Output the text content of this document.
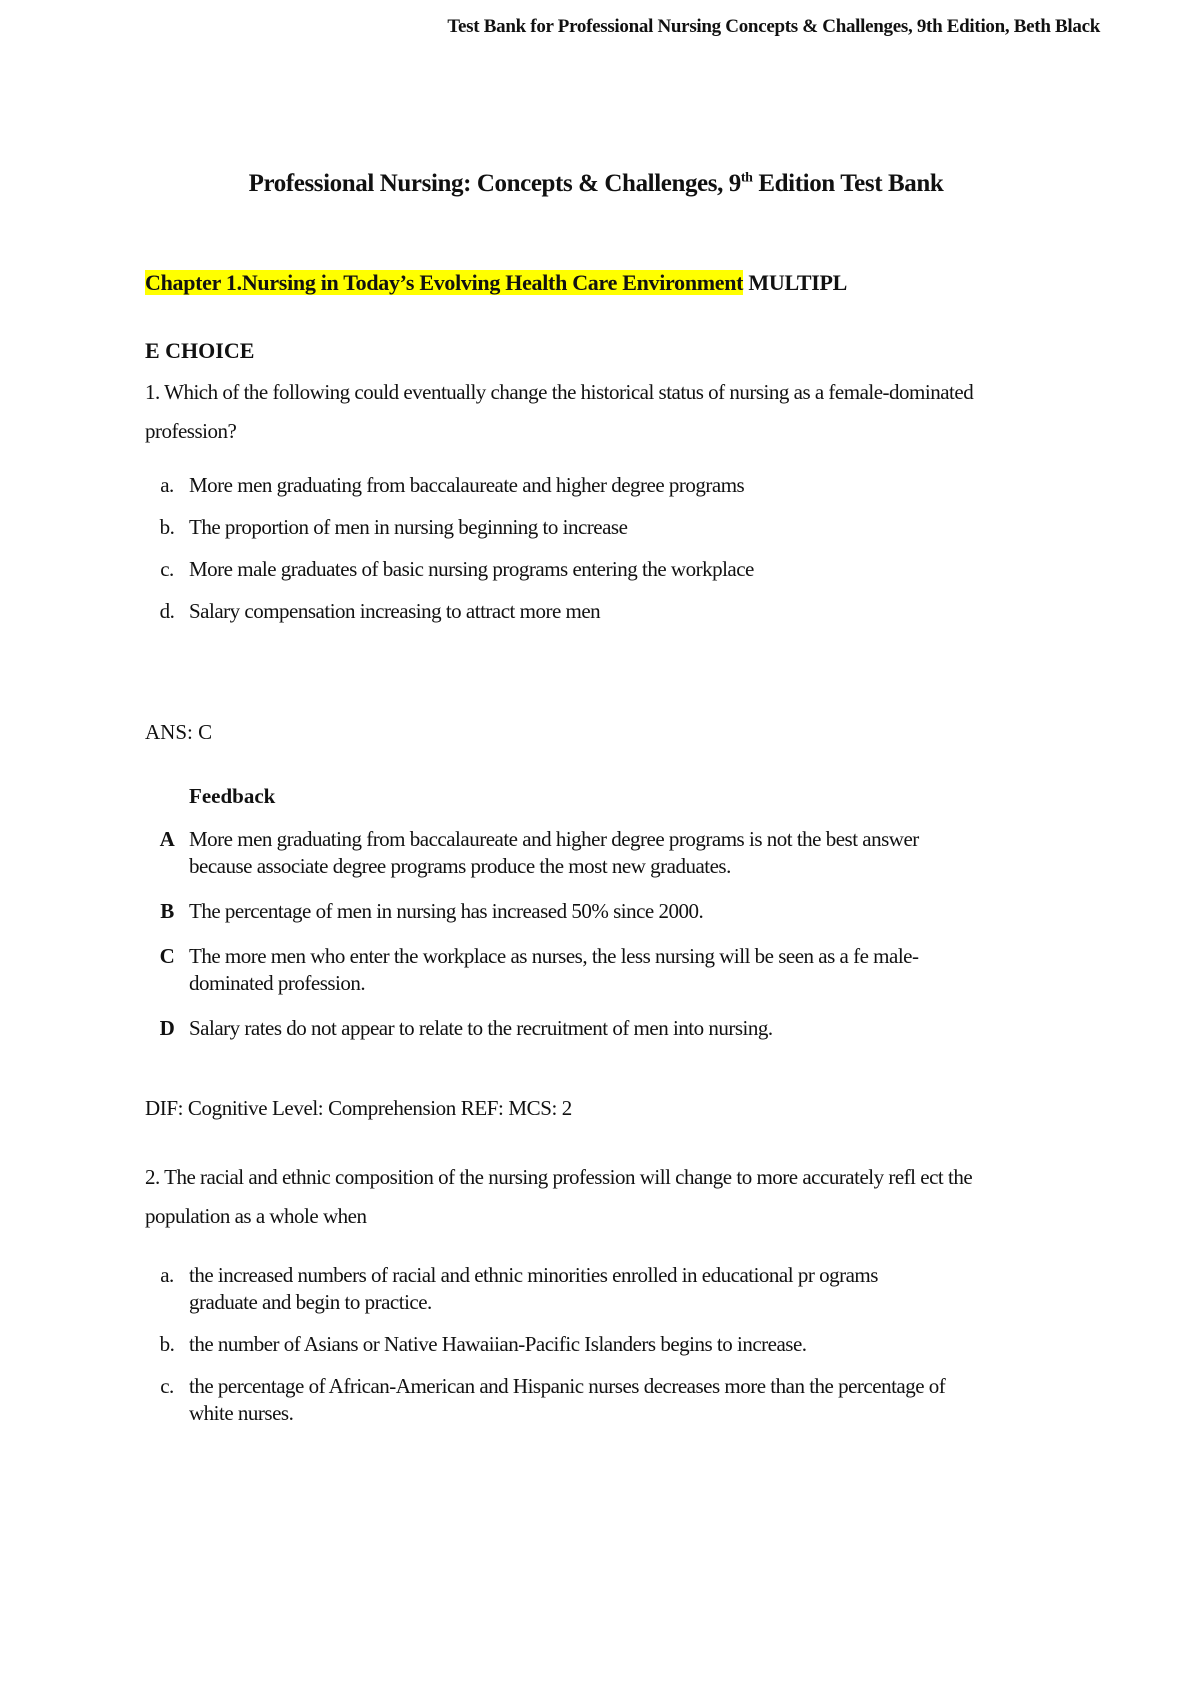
Test Bank for Professional Nursing Concepts & Challenges, 9th Edition, Beth Black
Professional Nursing: Concepts & Challenges, 9th Edition Test Bank
Chapter 1.Nursing in Today’s Evolving Health Care Environment MULTIPL
E CHOICE
1. Which of the following could eventually change the historical status of nursing as a female-dominated profession?
a. More men graduating from baccalaureate and higher degree programs
b. The proportion of men in nursing beginning to increase
c. More male graduates of basic nursing programs entering the workplace
d. Salary compensation increasing to attract more men
ANS: C
Feedback
A More men graduating from baccalaureate and higher degree programs is not the best answer because associate degree programs produce the most new graduates.
B The percentage of men in nursing has increased 50% since 2000.
C The more men who enter the workplace as nurses, the less nursing will be seen as a fe male-dominated profession.
D Salary rates do not appear to relate to the recruitment of men into nursing.
DIF: Cognitive Level: Comprehension REF: MCS: 2
2. The racial and ethnic composition of the nursing profession will change to more accurately refl ect the population as a whole when
a. the increased numbers of racial and ethnic minorities enrolled in educational pr ograms graduate and begin to practice.
b. the number of Asians or Native Hawaiian-Pacific Islanders begins to increase.
c. the percentage of African-American and Hispanic nurses decreases more than the percentage of white nurses.
